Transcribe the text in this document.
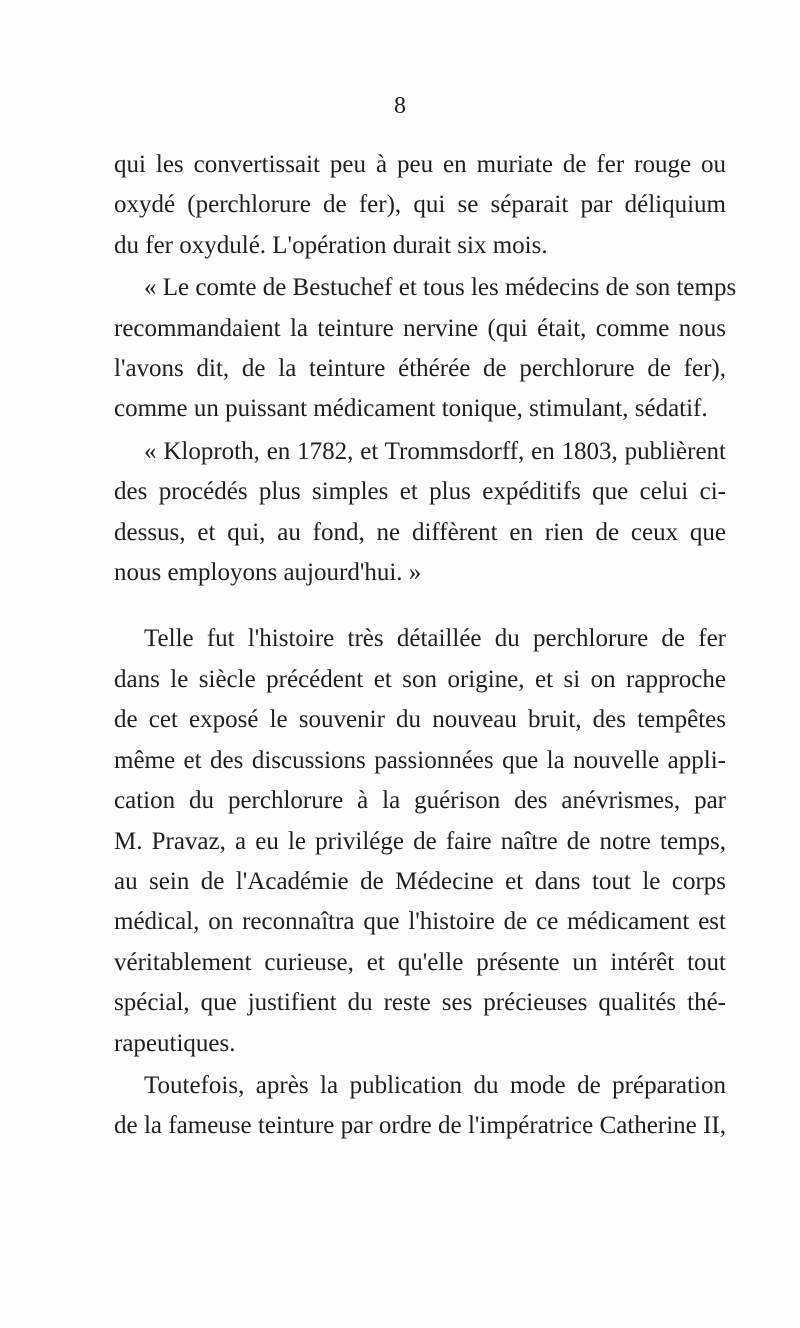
8
qui les convertissait peu à peu en muriate de fer rouge ou
oxydé (perchlorure de fer), qui se séparait par déliquium
du fer oxydulé. L'opération durait six mois.
« Le comte de Bestuchef et tous les médecins de son temps
recommandaient la teinture nervine (qui était, comme nous
l'avons dit, de la teinture éthérée de perchlorure de fer),
comme un puissant médicament tonique, stimulant, sédatif.
« Kloproth, en 1782, et Trommsdorff, en 1803, publièrent
des procédés plus simples et plus expéditifs que celui ci-
dessus, et qui, au fond, ne diffèrent en rien de ceux que
nous employons aujourd'hui. »
Telle fut l'histoire très détaillée du perchlorure de fer
dans le siècle précédent et son origine, et si on rapproche
de cet exposé le souvenir du nouveau bruit, des tempêtes
même et des discussions passionnées que la nouvelle appli-
cation du perchlorure à la guérison des anévrismes, par
M. Pravaz, a eu le privilége de faire naître de notre temps,
au sein de l'Académie de Médecine et dans tout le corps
médical, on reconnaîtra que l'histoire de ce médicament est
véritablement curieuse, et qu'elle présente un intérêt tout
spécial, que justifient du reste ses précieuses qualités thé-
rapeutiques.
Toutefois, après la publication du mode de préparation
de la fameuse teinture par ordre de l'impératrice Catherine II,
